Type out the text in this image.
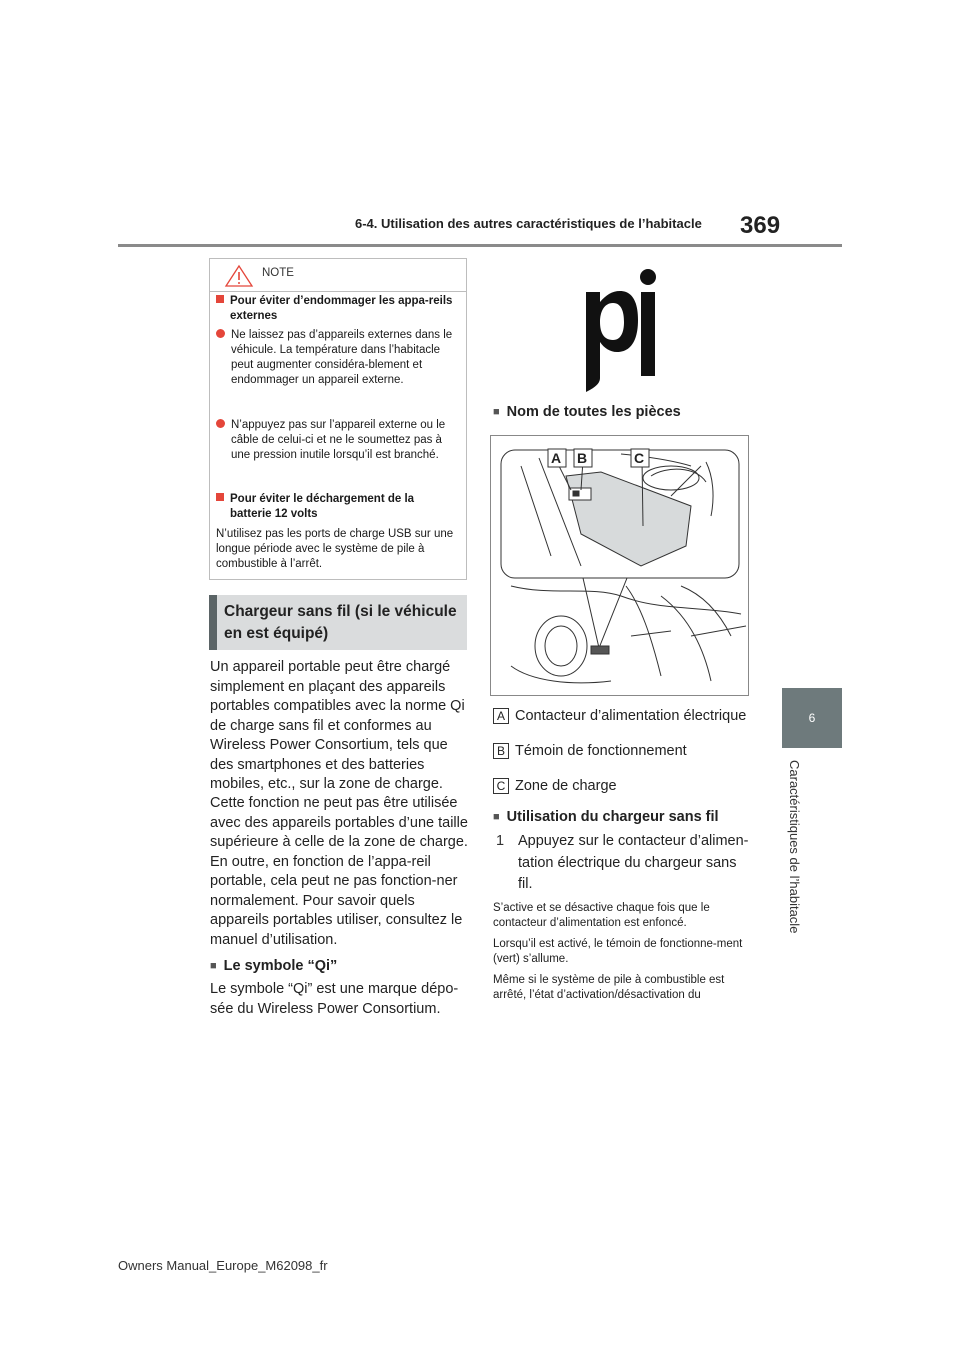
6-4. Utilisation des autres caractéristiques de l’habitacle 369
6
Caractéristiques de l’habitacle
NOTE
Pour éviter d’endommager les appa-reils externes
Ne laissez pas d’appareils externes dans le véhicule. La température dans l’habitacle peut augmenter considéra-blement et endommager un appareil externe.
N’appuyez pas sur l’appareil externe ou le câble de celui-ci et ne le soumettez pas à une pression inutile lorsqu’il est branché.
Pour éviter le déchargement de la batterie 12 volts
N’utilisez pas les ports de charge USB sur une longue période avec le système de pile à combustible à l’arrêt.
Chargeur sans fil (si le véhicule en est équipé)
Un appareil portable peut être chargé simplement en plaçant des appareils portables compatibles avec la norme Qi de charge sans fil et conformes au Wireless Power Consortium, tels que des smartphones et des batteries mobiles, etc., sur la zone de charge.
Cette fonction ne peut pas être utilisée avec des appareils portables d’une taille supérieure à celle de la zone de charge. En outre, en fonction de l’appa-reil portable, cela peut ne pas fonction-ner normalement. Pour savoir quels appareils portables utiliser, consultez le manuel d’utilisation.
■ Le symbole “Qi”
Le symbole “Qi” est une marque dépo-sée du Wireless Power Consortium.
■ Nom de toutes les pièces
A B	C
A Contacteur d’alimentation électrique
B Témoin de fonctionnement
C Zone de charge
■ Utilisation du chargeur sans fil
1 Appuyez sur le contacteur d’alimen-tation électrique du chargeur sans fil.
S’active et se désactive chaque fois que le contacteur d’alimentation est enfoncé.
Lorsqu’il est activé, le témoin de fonctionne-ment (vert) s’allume.
Même si le système de pile à combustible est arrêté, l’état d’activation/désactivation du
Owners Manual_Europe_M62098_fr
